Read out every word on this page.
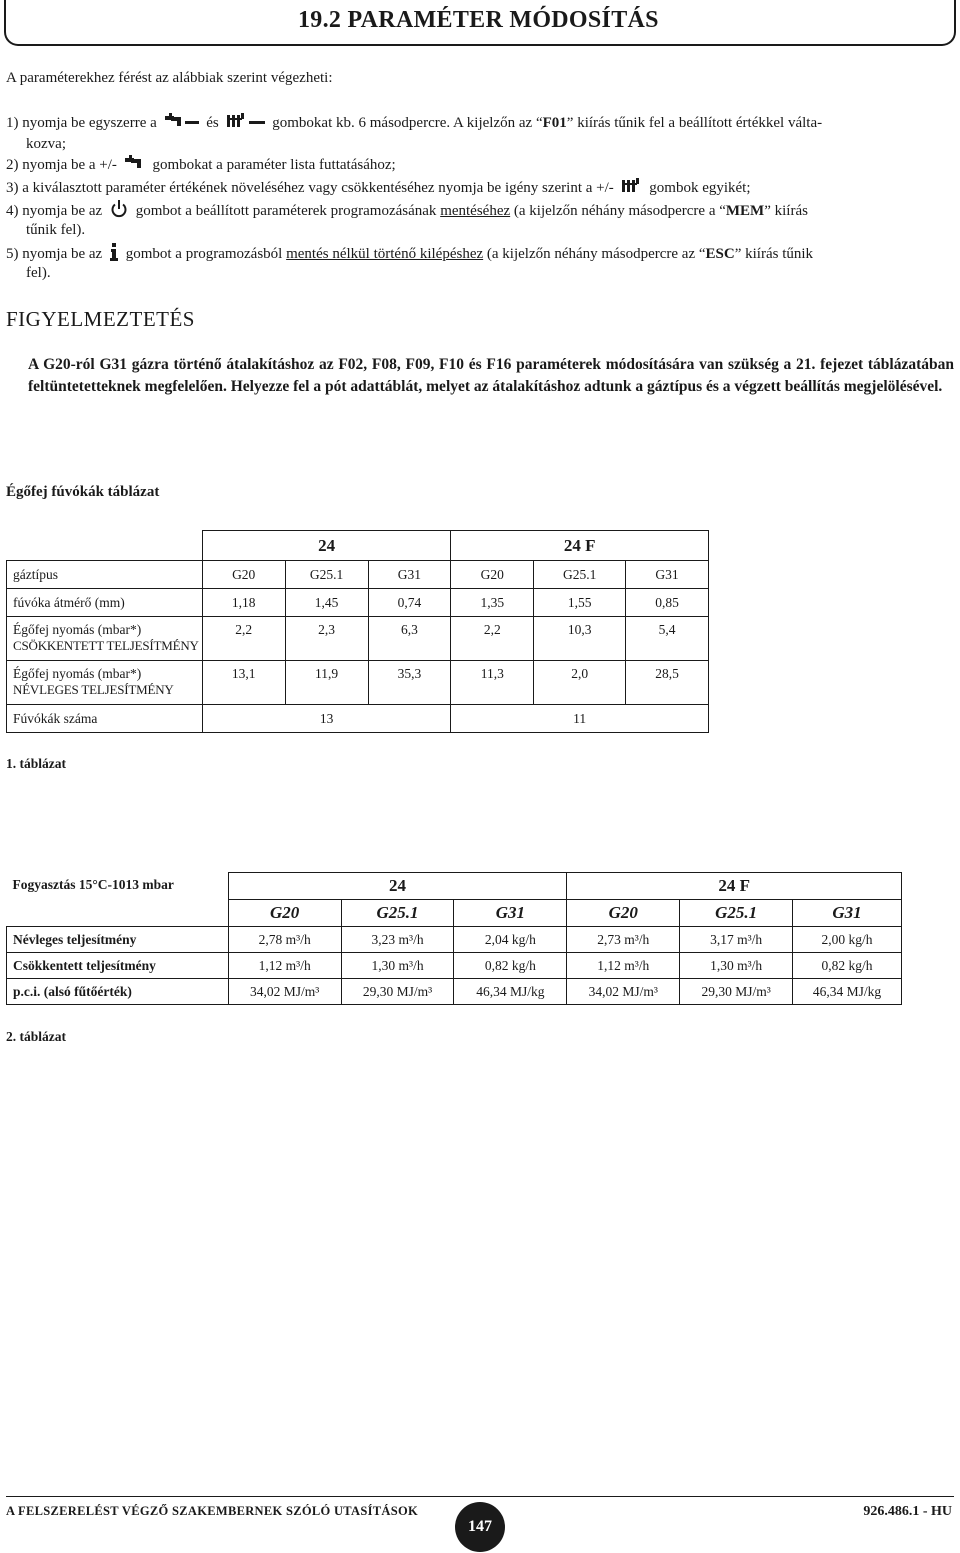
19.2 PARAMÉTER MÓDOSÍTÁS
A paraméterekhez férést az alábbiak szerint végezheti:
1) nyomja be egyszerre a	és	gombokat kb. 6 másodpercre. A kijelzőn az “F01” kiírás tűnik fel a beállított értékkel válta-
kozva;
2) nyomja be a +/- gombokat a paraméter lista futtatásához;
3) a kiválasztott paraméter értékének növeléséhez vagy csökkentéséhez nyomja be igény szerint a +/- gombok egyikét;
4) nyomja be az gombot a beállított paraméterek programozásának mentéséhez (a kijelzőn néhány másodpercre a “MEM” kiírás
tűnik fel).
5) nyomja be az gombot a programozásból mentés nélkül történő kilépéshez (a kijelzőn néhány másodpercre az “ESC” kiírás tűnik
fel).
FIGYELMEZTETÉS
A G20-ról G31 gázra történő átalakításhoz az F02, F08, F09, F10 és F16 paraméterek módosítására van szükség a 21. fejezet táblázatában feltüntetetteknek megfelelően. Helyezze fel a pót adattáblát, melyet az átalakításhoz adtunk a gáztípus és a végzett beállítás megjelölésével.
Égőfej fúvókák táblázat
	24			24 F		
gáztípus	G20	G25.1	G31	G20	G25.1	G31
fúvóka átmérő (mm)	1,18	1,45	0,74	1,35	1,55	0,85

Égőfej nyomás (mbar*)
CSÖKKENTETT TELJESÍTMÉNY	2,2	2,3	6,3	2,2	10,3	5,4

Égőfej nyomás (mbar*)
NÉVLEGES TELJESÍTMÉNY	13,1	11,9	35,3	11,3	2,0	28,5
Fúvókák száma	13			11		
1. táblázat
Fogyasztás 15°C-1013 mbar	24			24 F		
	G20	G25.1	G31	G20	G25.1	G31
Névleges teljesítmény	2,78 m³/h	3,23 m³/h	2,04 kg/h	2,73 m³/h	3,17 m³/h	2,00 kg/h
Csökkentett teljesítmény	1,12 m³/h	1,30 m³/h	0,82 kg/h	1,12 m³/h	1,30 m³/h	0,82 kg/h
p.c.i. (alsó fűtőérték)	34,02 MJ/m³	29,30 MJ/m³	46,34 MJ/kg	34,02 MJ/m³	29,30 MJ/m³	46,34 MJ/kg
2. táblázat
A FELSZERELÉST VÉGZŐ SZAKEMBERNEK SZÓLÓ UTASÍTÁSOK
147
926.486.1 - HU
